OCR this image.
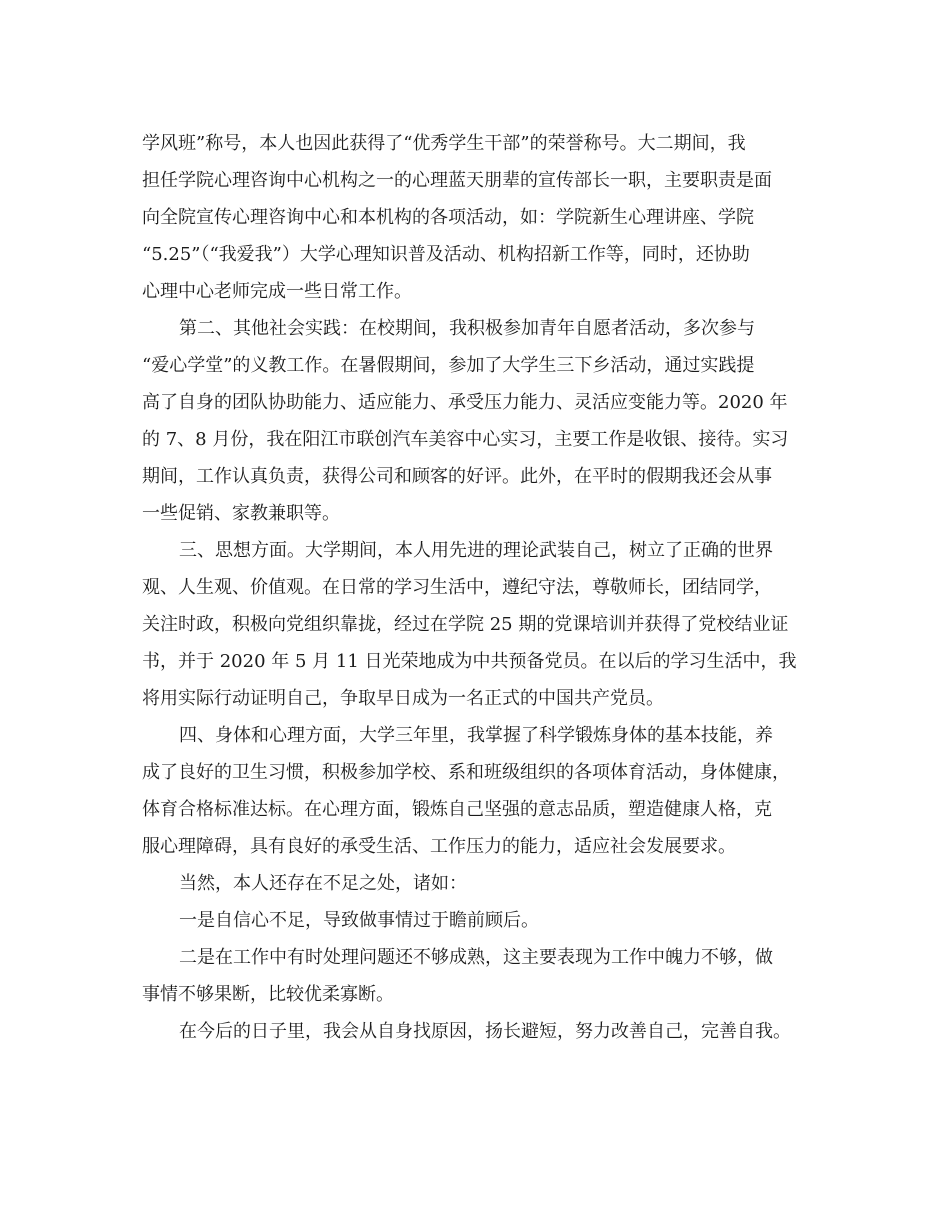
学风班”称号，本人也因此获得了“优秀学生干部”的荣誉称号。大二期间，我

担任学院心理咨询中心机构之一的心理蓝天朋辈的宣传部长一职，主要职责是面

向全院宣传心理咨询中心和本机构的各项活动，如：学院新生心理讲座、学院

“5.25”（“我爱我”）大学心理知识普及活动、机构招新工作等，同时，还协助

心理中心老师完成一些日常工作。

第二、其他社会实践：在校期间，我积极参加青年自愿者活动，多次参与

“爱心学堂”的义教工作。在暑假期间，参加了大学生三下乡活动，通过实践提

高了自身的团队协助能力、适应能力、承受压力能力、灵活应变能力等。2020 年

的 7、8 月份，我在阳江市联创汽车美容中心实习，主要工作是收银、接待。实习

期间，工作认真负责，获得公司和顾客的好评。此外，在平时的假期我还会从事

一些促销、家教兼职等。

三、思想方面。大学期间，本人用先进的理论武装自己，树立了正确的世界

观、人生观、价值观。在日常的学习生活中，遵纪守法，尊敬师长，团结同学，

关注时政，积极向党组织靠拢，经过在学院 25 期的党课培训并获得了党校结业证

书，并于 2020 年 5 月 11 日光荣地成为中共预备党员。在以后的学习生活中，我

将用实际行动证明自己，争取早日成为一名正式的中国共产党员。

四、身体和心理方面，大学三年里，我掌握了科学锻炼身体的基本技能，养

成了良好的卫生习惯，积极参加学校、系和班级组织的各项体育活动，身体健康，

体育合格标准达标。在心理方面，锻炼自己坚强的意志品质，塑造健康人格，克

服心理障碍，具有良好的承受生活、工作压力的能力，适应社会发展要求。

当然，本人还存在不足之处，诸如：

一是自信心不足，导致做事情过于瞻前顾后。

二是在工作中有时处理问题还不够成熟，这主要表现为工作中魄力不够，做

事情不够果断，比较优柔寡断。

在今后的日子里，我会从自身找原因，扬长避短，努力改善自己，完善自我。
